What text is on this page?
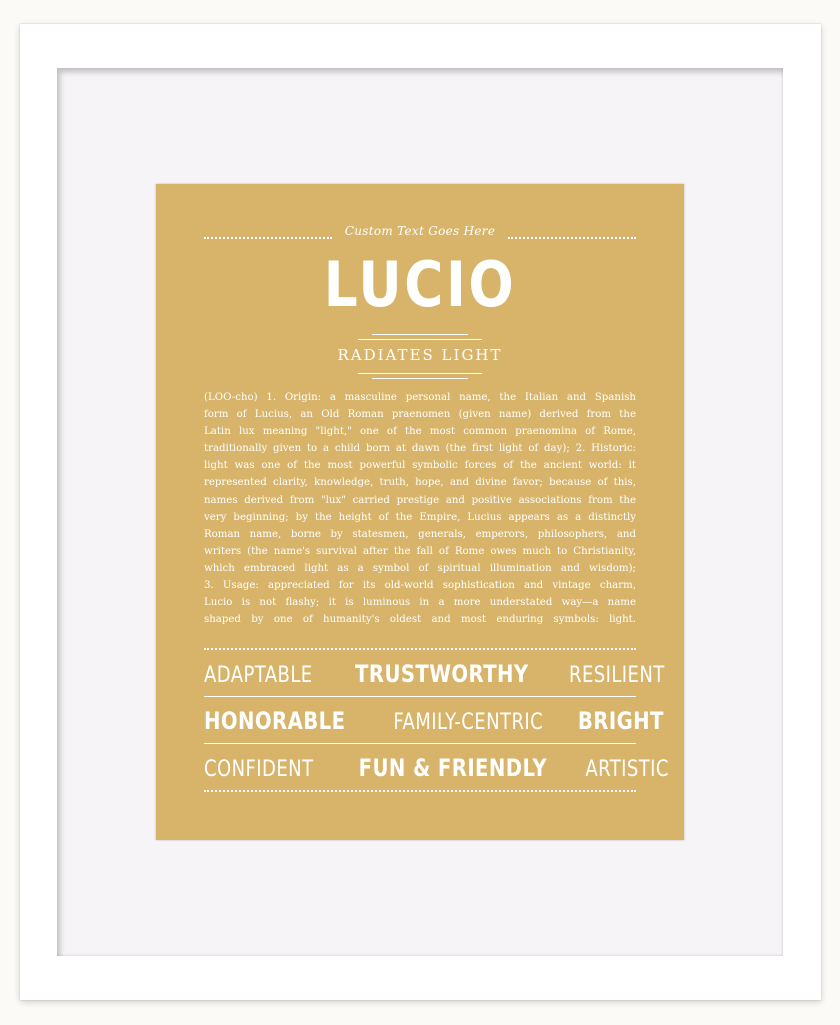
Custom Text Goes Here
LUCIO
RADIATES LIGHT
(LOO-cho) 1. Origin: a masculine personal name, the Italian and Spanish
form of Lucius, an Old Roman praenomen (given name) derived from the
Latin lux meaning "light," one of the most common praenomina of Rome,
traditionally given to a child born at dawn (the first light of day); 2. Historic:
light was one of the most powerful symbolic forces of the ancient world: it
represented clarity, knowledge, truth, hope, and divine favor; because of this,
names derived from "lux" carried prestige and positive associations from the
very beginning; by the height of the Empire, Lucius appears as a distinctly
Roman name, borne by statesmen, generals, emperors, philosophers, and
writers (the name's survival after the fall of Rome owes much to Christianity,
which embraced light as a symbol of spiritual illumination and wisdom);
3. Usage: appreciated for its old-world sophistication and vintage charm,
Lucio is not flashy; it is luminous in a more understated way—a name
shaped by one of humanity's oldest and most enduring symbols: light.
ADAPTABLE TRUSTWORTHY RESILIENT
HONORABLE FAMILY-CENTRIC BRIGHT
CONFIDENT FUN & FRIENDLY ARTISTIC
